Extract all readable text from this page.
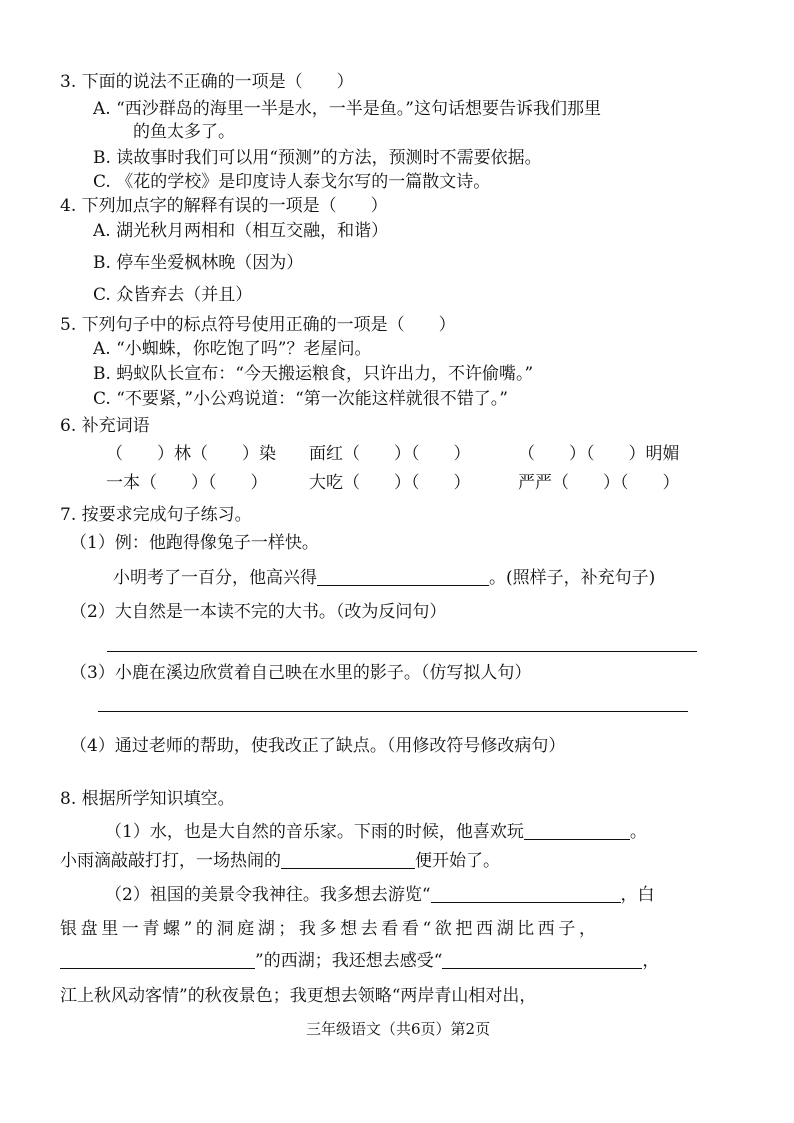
3. 下面的说法不正确的一项是（　　）
A. “西沙群岛的海里一半是水，一半是鱼。”这句话想要告诉我们那里
的鱼太多了。
B. 读故事时我们可以用“预测”的方法，预测时不需要依据。
C. 《花的学校》是印度诗人泰戈尔写的一篇散文诗。
4. 下列加点字的解释有误的一项是（　　）
A. 湖光秋月两相和（相互交融，和谐）
B. 停车坐爱枫林晚（因为）
C. 众皆弃去（并且）
5. 下列句子中的标点符号使用正确的一项是（　　）
A. “小蜘蛛，你吃饱了吗”？老屋问。
B. 蚂蚁队长宣布：“今天搬运粮食，只许出力，不许偷嘴。”
C. “不要紧，”小公鸡说道：“第一次能这样就很不错了。”
6. 补充词语
（　　）林（　　）染 面红（　　）（　　）	（　　）（　　）明媚
一本（　　）（　　） 大吃（　　）（　　）	严严（　　）（　　）
7. 按要求完成句子练习。
（1）例：他跑得像兔子一样快。
小明考了一百分，他高兴得	。(照样子，补充句子)
（2）大自然是一本读不完的大书。（改为反问句）
（3）小鹿在溪边欣赏着自己映在水里的影子。（仿写拟人句）
（4）通过老师的帮助，使我改正了缺点。（用修改符号修改病句）
8. 根据所学知识填空。
（1）水，也是大自然的音乐家。下雨的时候，他喜欢玩	。
小雨滴敲敲打打，一场热闹的	便开始了。
（2）祖国的美景令我神往。我多想去游览“	，白
银盘里一青螺”的洞庭湖；我多想去看看“欲把西湖比西子，
”的西湖；我还想去感受“	，
江上秋风动客情”的秋夜景色；我更想去领略“两岸青山相对出，
三年级语文（共6页）第2页
